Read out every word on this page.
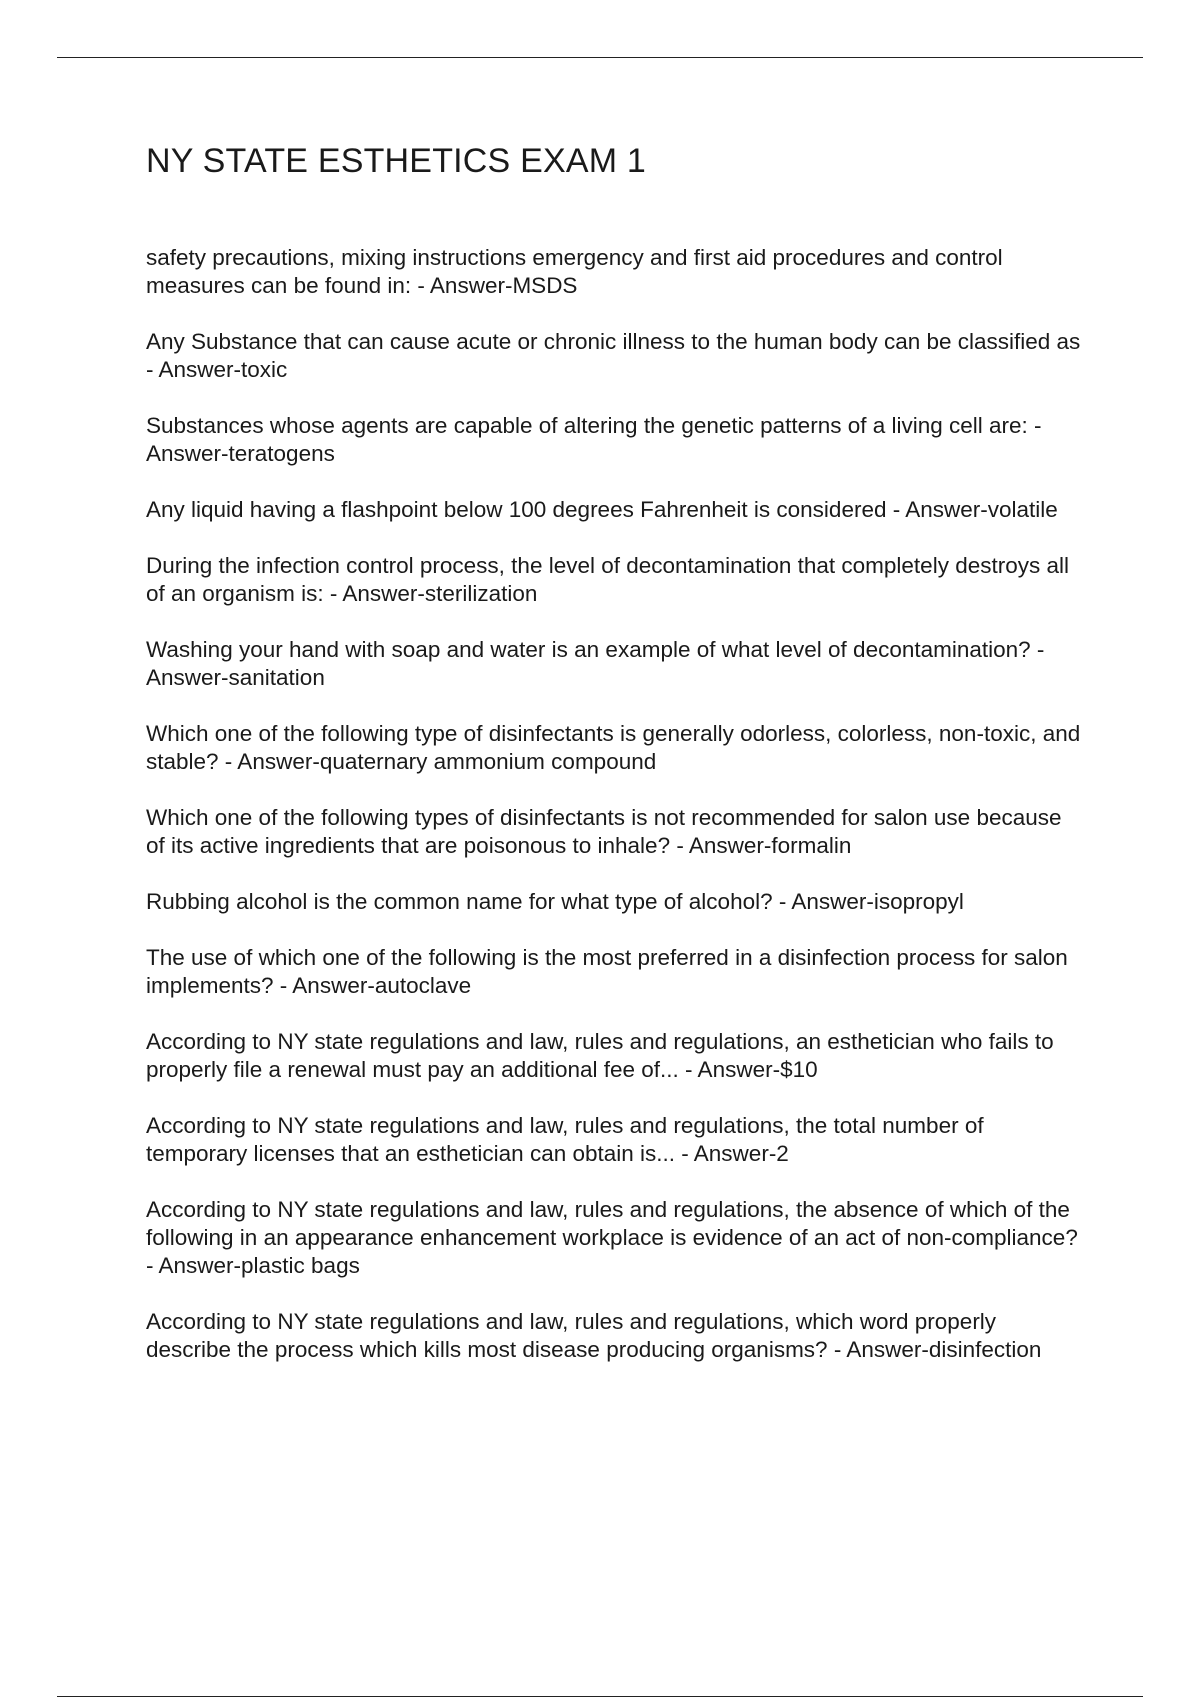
NY STATE ESTHETICS EXAM 1
safety precautions, mixing instructions emergency and first aid procedures and control measures can be found in: - Answer-MSDS
Any Substance that can cause acute or chronic illness to the human body can be classified as - Answer-toxic
Substances whose agents are capable of altering the genetic patterns of a living cell are: - Answer-teratogens
Any liquid having a flashpoint below 100 degrees Fahrenheit is considered - Answer-volatile
During the infection control process, the level of decontamination that completely destroys all of an organism is: - Answer-sterilization
Washing your hand with soap and water is an example of what level of decontamination? - Answer-sanitation
Which one of the following type of disinfectants is generally odorless, colorless, non-toxic, and stable? - Answer-quaternary ammonium compound
Which one of the following types of disinfectants is not recommended for salon use because of its active ingredients that are poisonous to inhale? - Answer-formalin
Rubbing alcohol is the common name for what type of alcohol? - Answer-isopropyl
The use of which one of the following is the most preferred in a disinfection process for salon implements? - Answer-autoclave
According to NY state regulations and law, rules and regulations, an esthetician who fails to properly file a renewal must pay an additional fee of... - Answer-$10
According to NY state regulations and law, rules and regulations, the total number of temporary licenses that an esthetician can obtain is... - Answer-2
According to NY state regulations and law, rules and regulations, the absence of which of the following in an appearance enhancement workplace is evidence of an act of non-compliance? - Answer-plastic bags
According to NY state regulations and law, rules and regulations, which word properly describe the process which kills most disease producing organisms? - Answer-disinfection
